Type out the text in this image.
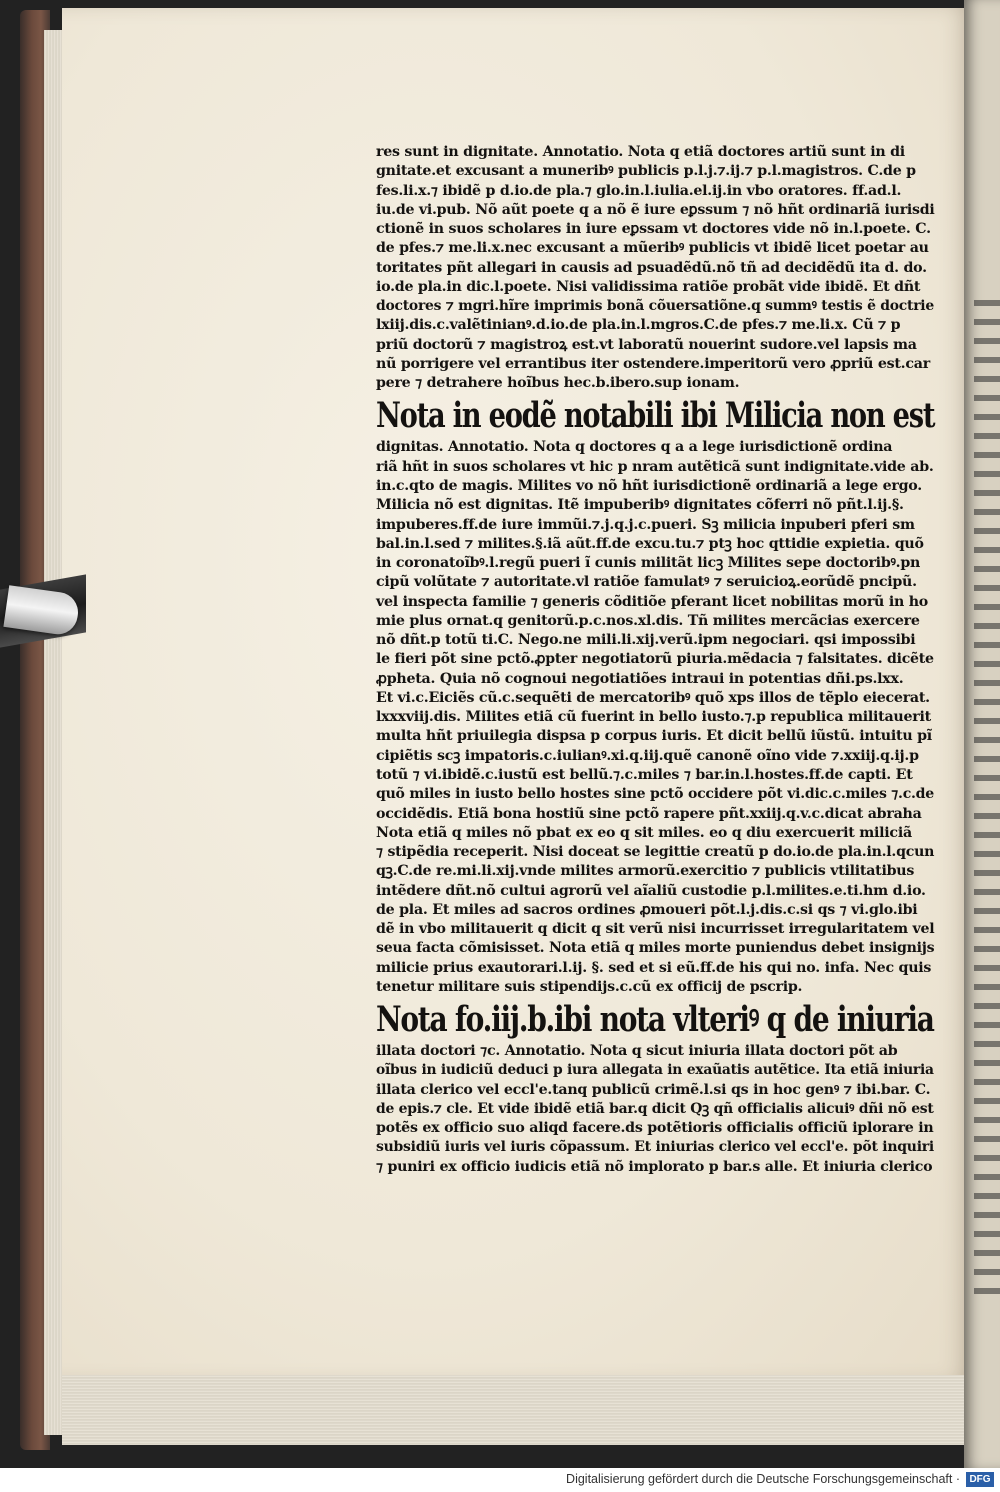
res sunt in dignitate. Annotatio. Nota q etiã doctores artiũ sunt in di
gnitate.et excusant a muneribꝰ publicis p.l.j.⁊.ij.⁊ p.l.magistros. C.de p
fes.li.x.⁊ ibidẽ p d.io.de pla.⁊ glo.in.l.iulia.el.ij.in vbo oratores. ff.ad.l.
iu.de vi.pub. Nõ aũt poete q a nõ ẽ iure eꝑssum ⁊ nõ hñt ordinariã iurisdi
ctionẽ in suos scholares in iure eꝑssam vt doctores vide nõ in.l.poete. C.
de pfes.⁊ me.li.x.nec excusant a mũeribꝰ publicis vt ibidẽ licet poetar au
toritates pñt allegari in causis ad psuadẽdũ.nõ tñ ad decidẽdũ ita d. do.
io.de pla.in dic.l.poete. Nisi validissima ratiõe probãt vide ibidẽ. Et dñt
doctores ⁊ mgri.hĩre imprimis bonã cõuersatiõne.q summꝰ testis ẽ doctrie
lxiij.dis.c.valẽtinianꝰ.d.io.de pla.in.l.mgros.C.de pfes.⁊ me.li.x. Cũ ⁊ p
priũ doctorũ ⁊ magistroꝝ est.vt laboratũ nouerint sudore.vel lapsis ma
nũ porrigere vel errantibus iter ostendere.imperitorũ vero ꝓpriũ est.car
pere ⁊ detrahere hoĩbus hec.b.ibero.sup ionam.
Nota in eodẽ notabili ibi Milicia non est
dignitas. Annotatio. Nota q doctores q a a lege iurisdictionẽ ordina
riã hñt in suos scholares vt hic p nram autẽticã sunt indignitate.vide ab.
in.c.qto de magis. Milites vo nõ hñt iurisdictionẽ ordinariã a lege ergo.
Milicia nõ est dignitas. Itẽ impuberibꝰ dignitates cõferri nõ pñt.l.ij.§.
impuberes.ff.de iure immũi.⁊.j.q.j.c.pueri. Sꝫ milicia inpuberi pferi sm
bal.in.l.sed ⁊ milites.§.iã aũt.ff.de excu.tu.⁊ ptꝫ hoc qttidie expietia. quõ
in coronatoĩbꝰ.l.regũ pueri ĩ cunis militãt licꝫ Milites sepe doctoribꝰ.pn
cipũ volũtate ⁊ autoritate.vl ratiõe famulatꝰ ⁊ seruicioꝝ.eorũdẽ pncipũ.
vel inspecta familie ⁊ generis cõditiõe pferant licet nobilitas morũ in ho
mie plus ornat.q genitorũ.p.c.nos.xl.dis. Tñ milites mercãcias exercere
nõ dñt.p totũ ti.C. Nego.ne mili.li.xij.verũ.ipm negociari. qsi impossibi
le fieri põt sine pctõ.ꝓpter negotiatorũ piuria.mẽdacia ⁊ falsitates. dicẽte
ꝓpheta. Quia nõ cognoui negotiatiões intraui in potentias dñi.ps.lxx.
Et vi.c.Eiciẽs cũ.c.sequẽti de mercatoribꝰ quõ xps illos de tẽplo eiecerat.
lxxxviij.dis. Milites etiã cũ fuerint in bello iusto.⁊.p republica militauerit
multa hñt priuilegia dispsa p corpus iuris. Et dicit bellũ iũstũ. intuitu pĩ
cipiẽtis scꝫ impatoris.c.iulianꝰ.xi.q.iij.quẽ canonẽ oĩno vide ⁊.xxiij.q.ij.p
totũ ⁊ vi.ibidẽ.c.iustũ est bellũ.⁊.c.miles ⁊ bar.in.l.hostes.ff.de capti. Et
quõ miles in iusto bello hostes sine pctõ occidere põt vi.dic.c.miles ⁊.c.de
occidẽdis. Etiã bona hostiũ sine pctõ rapere pñt.xxiij.q.v.c.dicat abraha
Nota etiã q miles nõ pbat ex eo q sit miles. eo q diu exercuerit miliciã
⁊ stipẽdia receperit. Nisi doceat se legittie creatũ p do.io.de pla.in.l.qcun
qꝫ.C.de re.mi.li.xij.vnde milites armorũ.exercitio ⁊ publicis vtilitatibus
intẽdere dñt.nõ cultui agrorũ vel aĩaliũ custodie p.l.milites.e.ti.hm d.io.
de pla. Et miles ad sacros ordines ꝓmoueri põt.l.j.dis.c.si qs ⁊ vi.glo.ibi
dẽ in vbo militauerit q dicit q sit verũ nisi incurrisset irregularitatem vel
seua facta cõmisisset. Nota etiã q miles morte puniendus debet insignijs
milicie prius exautorari.l.ij. §. sed et si eũ.ff.de his qui no. infa. Nec quis
tenetur militare suis stipendijs.c.cũ ex officij de pscrip.
Nota fo.iij.b.ibi nota vlteriꝰ q de iniuria
illata doctori ⁊c. Annotatio. Nota q sicut iniuria illata doctori põt ab
oĩbus in iudiciũ deduci p iura allegata in exaũatis autẽtice. Ita etiã iniuria
illata clerico vel eccl'e.tanq publicũ crimẽ.l.si qs in hoc genꝰ ⁊ ibi.bar. C.
de epis.⁊ cle. Et vide ibidẽ etiã bar.q dicit Qꝫ qñ officialis alicuiꝰ dñi nõ est
potẽs ex officio suo aliqd facere.ds potẽtioris officialis officiũ iplorare in
subsidiũ iuris vel iuris cõpassum. Et iniurias clerico vel eccl'e. põt inquiri
⁊ puniri ex officio iudicis etiã nõ implorato p bar.s alle. Et iniuria clerico
Digitalisierung gefördert durch die Deutsche Forschungsgemeinschaft · DFG
